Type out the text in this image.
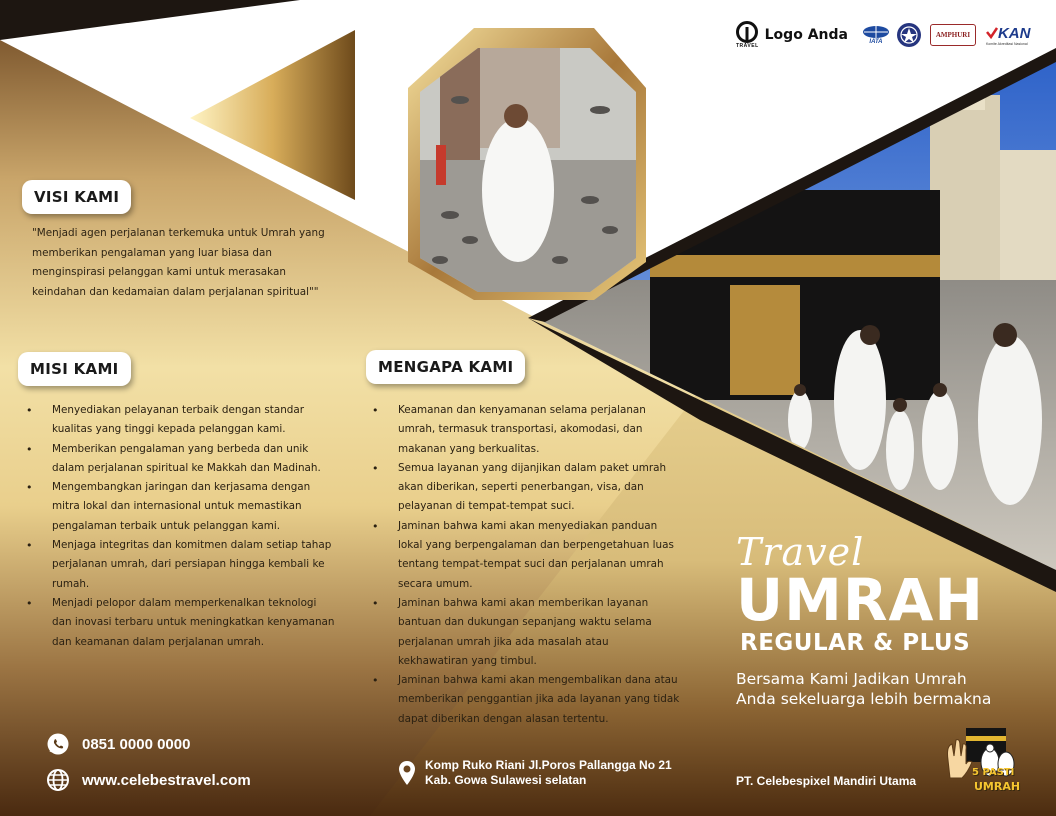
TRAVEL
Logo Anda	IATA
AMPHURI KAN
Komite Akreditasi Nasional
VISI KAMI

"Menjadi agen perjalanan terkemuka untuk Umrah yang memberikan pengalaman yang luar biasa dan menginspirasi pelanggan kami untuk merasakan keindahan dan kedamaian dalam perjalanan spiritual""

MISI KAMI
• Menyediakan pelayanan terbaik dengan standar kualitas yang tinggi kepada pelanggan kami.
• Memberikan pengalaman yang berbeda dan unik dalam perjalanan spiritual ke Makkah dan Madinah.
• Mengembangkan jaringan dan kerjasama dengan mitra lokal dan internasional untuk memastikan pengalaman terbaik untuk pelanggan kami.
• Menjaga integritas dan komitmen dalam setiap tahap perjalanan umrah, dari persiapan hingga kembali ke rumah.
• Menjadi pelopor dalam memperkenalkan teknologi dan inovasi terbaru untuk meningkatkan kenyamanan dan keamanan dalam perjalanan umrah.
MENGAPA KAMI
• Keamanan dan kenyamanan selama perjalanan umrah, termasuk transportasi, akomodasi, dan makanan yang berkualitas.
• Semua layanan yang dijanjikan dalam paket umrah akan diberikan, seperti penerbangan, visa, dan pelayanan di tempat-tempat suci.
• Jaminan bahwa kami akan menyediakan panduan lokal yang berpengalaman dan berpengetahuan luas tentang tempat-tempat suci dan perjalanan umrah secara umum.
• Jaminan bahwa kami akan memberikan layanan bantuan dan dukungan sepanjang waktu selama perjalanan umrah jika ada masalah atau kekhawatiran yang timbul.
• Jaminan bahwa kami akan mengembalikan dana atau memberikan penggantian jika ada layanan yang tidak dapat diberikan dengan alasan tertentu.
Travel
UMRAH
REGULAR & PLUS
Bersama Kami Jadikan Umrah
Anda sekeluarga lebih bermakna
0851 0000 0000
www.celebestravel.com
Komp Ruko Riani Jl.Poros Pallangga No 21
Kab. Gowa Sulawesi selatan	PT. Celebespixel Mandiri Utama
5 PASTI
UMRAH
